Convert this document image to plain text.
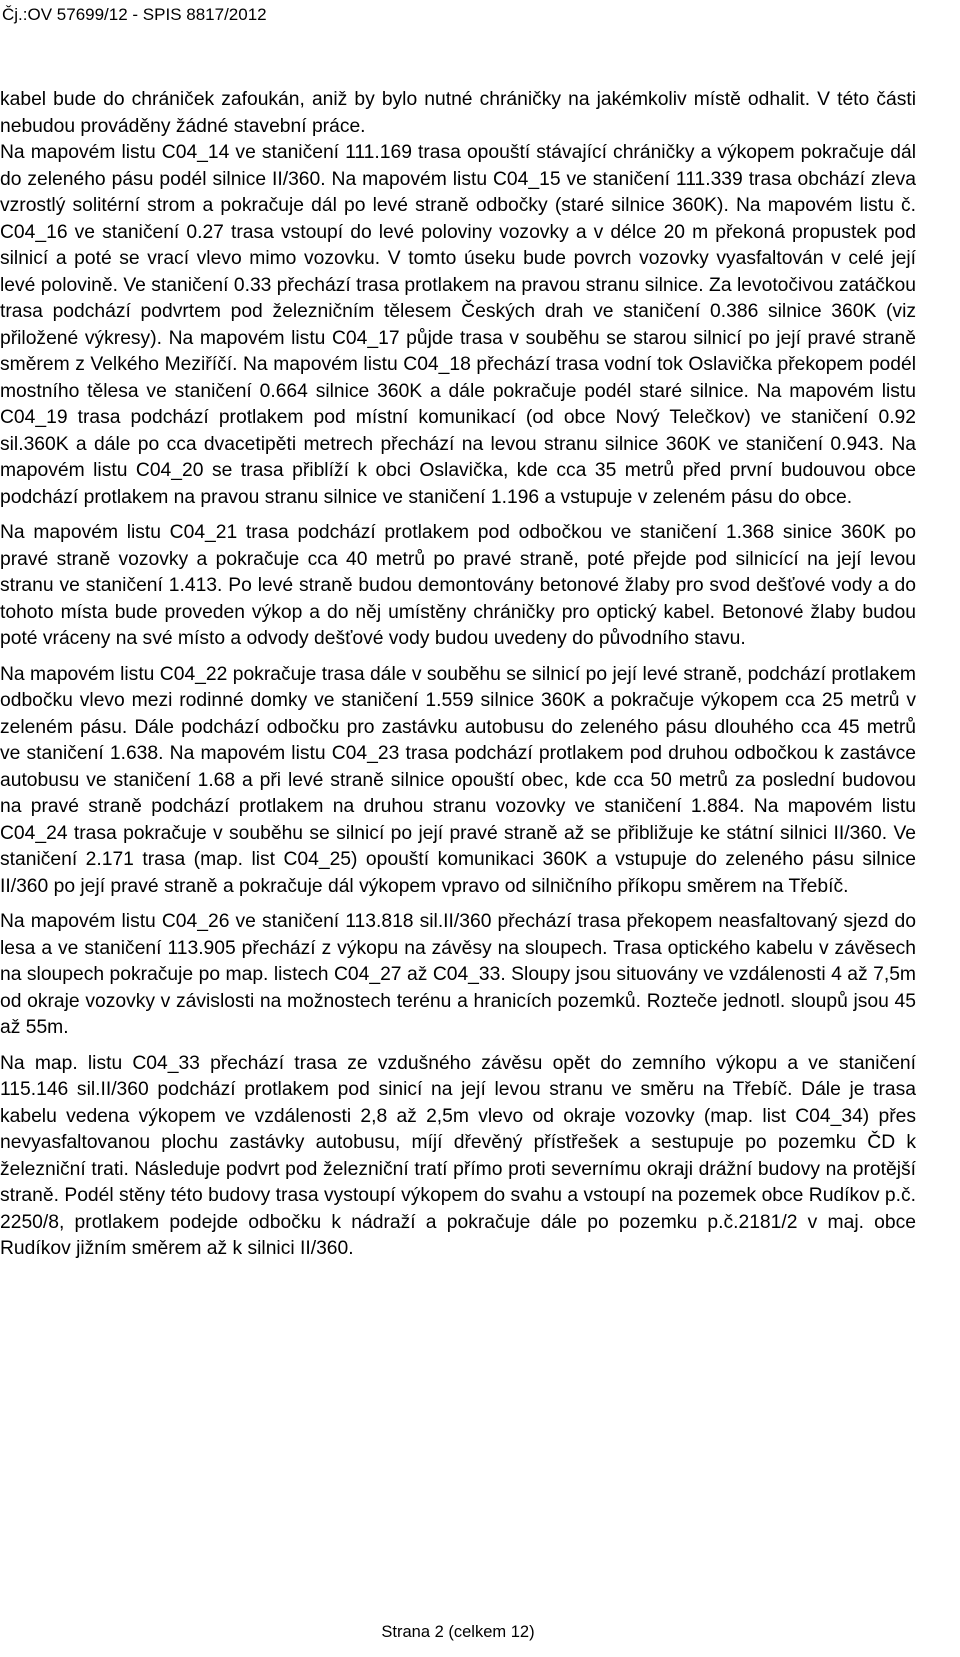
Čj.:OV 57699/12 - SPIS 8817/2012

kabel bude do chrániček zafoukán, aniž by bylo nutné chráničky na jakémkoliv místě odhalit. V této části nebudou prováděny žádné stavební práce.

Na mapovém listu C04_14 ve staničení 111.169 trasa opouští stávající chráničky a výkopem pokračuje dál do zeleného pásu podél silnice II/360. Na mapovém listu C04_15 ve staničení 111.339 trasa obchází zleva vzrostlý solitérní strom a pokračuje dál po levé straně odbočky (staré silnice 360K). Na mapovém listu č. C04_16 ve staničení 0.27 trasa vstoupí do levé poloviny vozovky a v délce 20 m překoná propustek pod silnicí a poté se vrací vlevo mimo vozovku. V tomto úseku bude povrch vozovky vyasfaltován v celé její levé polovině. Ve staničení 0.33 přechází trasa protlakem na pravou stranu silnice. Za levotočivou zatáčkou trasa podchází podvrtem pod železničním tělesem Českých drah ve staničení 0.386 silnice 360K (viz přiložené výkresy). Na mapovém listu C04_17 půjde trasa v souběhu se starou silnicí po její pravé straně směrem z Velkého Meziříčí. Na mapovém listu C04_18 přechází trasa vodní tok Oslavička překopem podél mostního tělesa ve staničení 0.664 silnice 360K a dále pokračuje podél staré silnice. Na mapovém listu C04_19 trasa podchází protlakem pod místní komunikací (od obce Nový Telečkov) ve staničení 0.92 sil.360K a dále po cca dvacetipěti metrech přechází na levou stranu silnice 360K ve staničení 0.943. Na mapovém listu C04_20 se trasa přiblíží k obci Oslavička, kde cca 35 metrů před první budouvou obce podchází protlakem na pravou stranu silnice ve staničení 1.196 a vstupuje v zeleném pásu do obce.

Na mapovém listu C04_21 trasa podchází protlakem pod odbočkou ve staničení 1.368 sinice 360K po pravé straně vozovky a pokračuje cca 40 metrů po pravé straně, poté přejde pod silnicící na její levou stranu ve staničení 1.413. Po levé straně budou demontovány betonové žlaby pro svod dešťové vody a do tohoto místa bude proveden výkop a do něj umístěny chráničky pro optický kabel. Betonové žlaby budou poté vráceny na své místo a odvody dešťové vody budou uvedeny do původního stavu.

Na mapovém listu C04_22 pokračuje trasa dále v souběhu se silnicí po její levé straně, podchází protlakem odbočku vlevo mezi rodinné domky ve staničení 1.559 silnice 360K a pokračuje výkopem cca 25 metrů v zeleném pásu. Dále podchází odbočku pro zastávku autobusu do zeleného pásu dlouhého cca 45 metrů ve staničení 1.638. Na mapovém listu C04_23 trasa podchází protlakem pod druhou odbočkou k zastávce autobusu ve staničení 1.68 a při levé straně silnice opouští obec, kde cca 50 metrů za poslední budovou na pravé straně podchází protlakem na druhou stranu vozovky ve staničení 1.884. Na mapovém listu C04_24 trasa pokračuje v souběhu se silnicí po její pravé straně až se přibližuje ke státní silnici II/360. Ve staničení 2.171 trasa (map. list C04_25) opouští komunikaci 360K a vstupuje do zeleného pásu silnice II/360 po její pravé straně a pokračuje dál výkopem vpravo od silničního příkopu směrem na Třebíč.

Na mapovém listu C04_26 ve staničení 113.818 sil.II/360 přechází trasa překopem neasfaltovaný sjezd do lesa a ve staničení 113.905 přechází z výkopu na závěsy na sloupech. Trasa optického kabelu v závěsech na sloupech pokračuje po map. listech C04_27 až C04_33. Sloupy jsou situovány ve vzdálenosti 4 až 7,5m od okraje vozovky v závislosti na možnostech terénu a hranicích pozemků. Rozteče jednotl. sloupů jsou 45 až 55m.

Na map. listu C04_33 přechází trasa ze vzdušného závěsu opět do zemního výkopu a ve staničení 115.146 sil.II/360 podchází protlakem pod sinicí na její levou stranu ve směru na Třebíč. Dále je trasa kabelu vedena výkopem ve vzdálenosti 2,8 až 2,5m vlevo od okraje vozovky (map. list C04_34) přes nevyasfaltovanou plochu zastávky autobusu, míjí dřevěný přístřešek a sestupuje po pozemku ČD k železniční trati. Následuje podvrt pod železniční tratí přímo proti severnímu okraji drážní budovy na protější straně. Podél stěny této budovy trasa vystoupí výkopem do svahu a vstoupí na pozemek obce Rudíkov p.č. 2250/8, protlakem podejde odbočku k nádraží a pokračuje dále po pozemku p.č.2181/2 v maj. obce Rudíkov jižním směrem až k silnici II/360.

Strana 2 (celkem 12)
